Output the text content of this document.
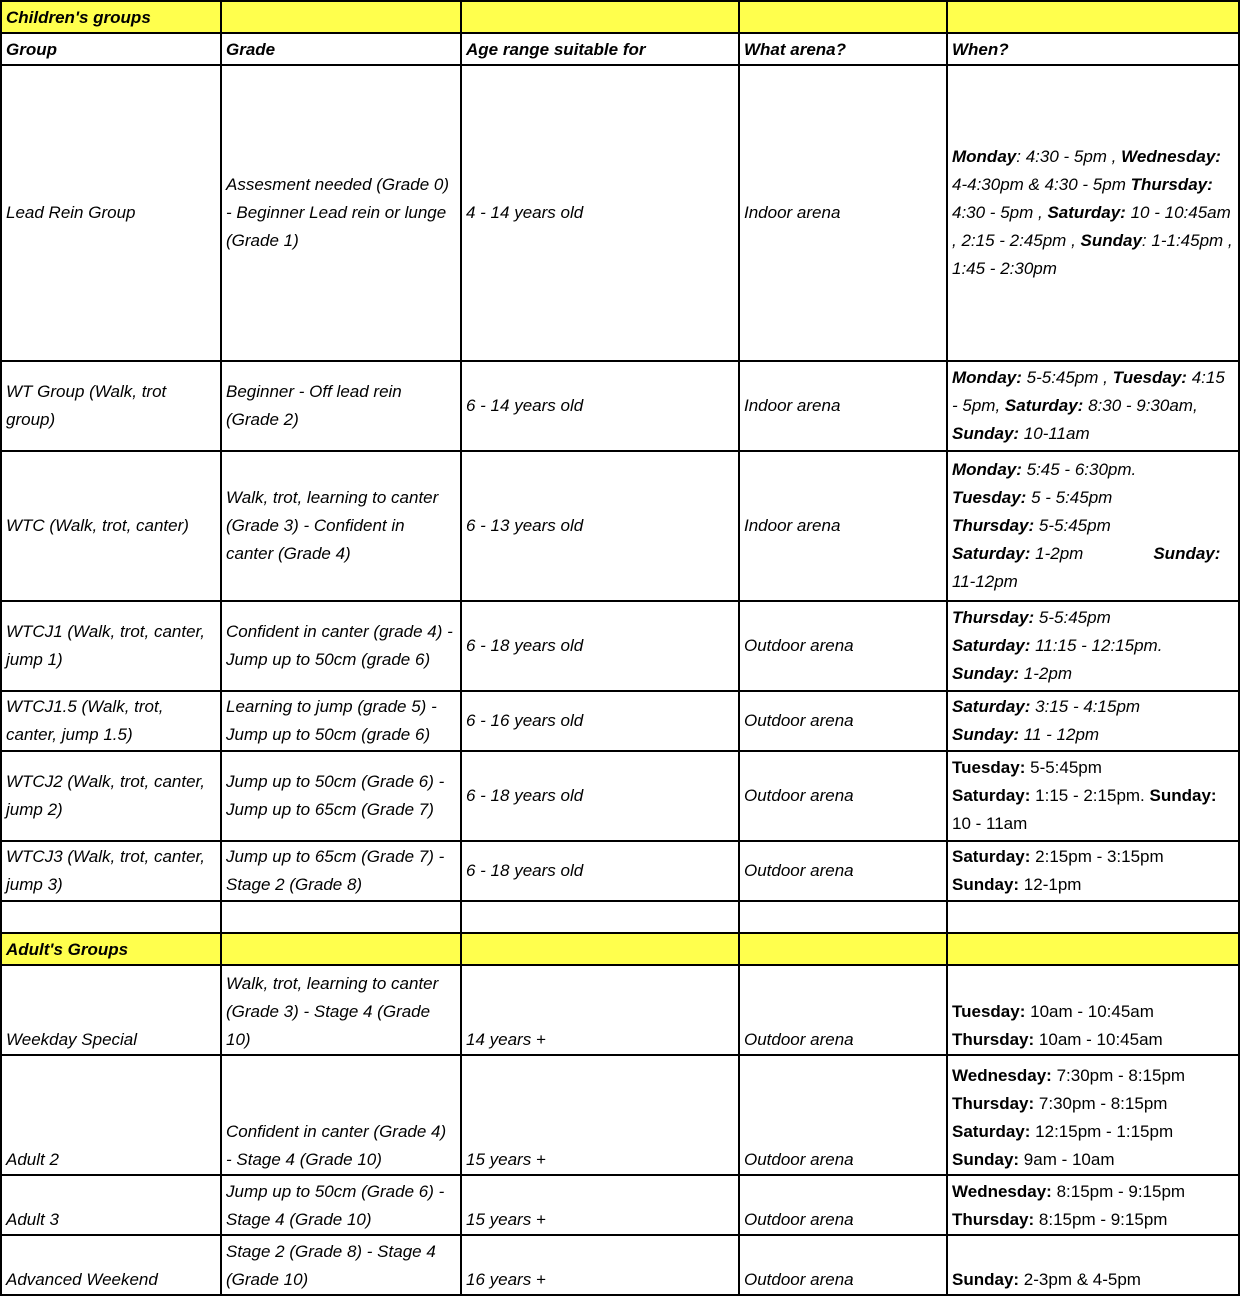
Children's groups				
Group	Grade	Age range suitable for	What arena?	When?
Lead Rein Group	Assesment needed (Grade 0) - Beginner Lead rein or lunge (Grade 1)	4 - 14 years old	Indoor arena	Monday: 4:30 - 5pm , Wednesday: 4-4:30pm & 4:30 - 5pm Thursday: 4:30 - 5pm , Saturday: 10 - 10:45am , 2:15 - 2:45pm , Sunday: 1-1:45pm , 1:45 - 2:30pm
WT Group (Walk, trot group)	Beginner - Off lead rein (Grade 2)	6 - 14 years old	Indoor arena	Monday: 5-5:45pm , Tuesday: 4:15 - 5pm, Saturday: 8:30 - 9:30am, Sunday: 10-11am
WTC (Walk, trot, canter)	Walk, trot, learning to canter (Grade 3) - Confident in canter (Grade 4)	6 - 13 years old	Indoor arena	Monday: 5:45 - 6:30pm.
Tuesday: 5 - 5:45pm
Thursday: 5-5:45pm
Saturday: 1-2pm Sunday: 11-12pm
WTCJ1 (Walk, trot, canter, jump 1)	Confident in canter (grade 4) - Jump up to 50cm (grade 6)	6 - 18 years old	Outdoor arena	Thursday: 5-5:45pm
Saturday: 11:15 - 12:15pm.
Sunday: 1-2pm
WTCJ1.5 (Walk, trot, canter, jump 1.5)	Learning to jump (grade 5) - Jump up to 50cm (grade 6)	6 - 16 years old	Outdoor arena	Saturday: 3:15 - 4:15pm
Sunday: 11 - 12pm
WTCJ2 (Walk, trot, canter, jump 2)	Jump up to 50cm (Grade 6) - Jump up to 65cm (Grade 7)	6 - 18 years old	Outdoor arena	Tuesday: 5-5:45pm
Saturday: 1:15 - 2:15pm. Sunday: 10 - 11am
WTCJ3 (Walk, trot, canter, jump 3)	Jump up to 65cm (Grade 7) - Stage 2 (Grade 8)	6 - 18 years old	Outdoor arena	Saturday: 2:15pm - 3:15pm
Sunday: 12-1pm

Adult's Groups				
Weekday Special	Walk, trot, learning to canter (Grade 3) - Stage 4 (Grade 10)	14 years +	Outdoor arena	Tuesday: 10am - 10:45am
Thursday: 10am - 10:45am
Adult 2	Confident in canter (Grade 4) - Stage 4 (Grade 10)	15 years +	Outdoor arena	Wednesday: 7:30pm - 8:15pm
Thursday: 7:30pm - 8:15pm
Saturday: 12:15pm - 1:15pm
Sunday: 9am - 10am
Adult 3	Jump up to 50cm (Grade 6) - Stage 4 (Grade 10)	15 years +	Outdoor arena	Wednesday: 8:15pm - 9:15pm
Thursday: 8:15pm - 9:15pm
Advanced Weekend	Stage 2 (Grade 8) - Stage 4 (Grade 10)	16 years +	Outdoor arena	Sunday: 2-3pm & 4-5pm
